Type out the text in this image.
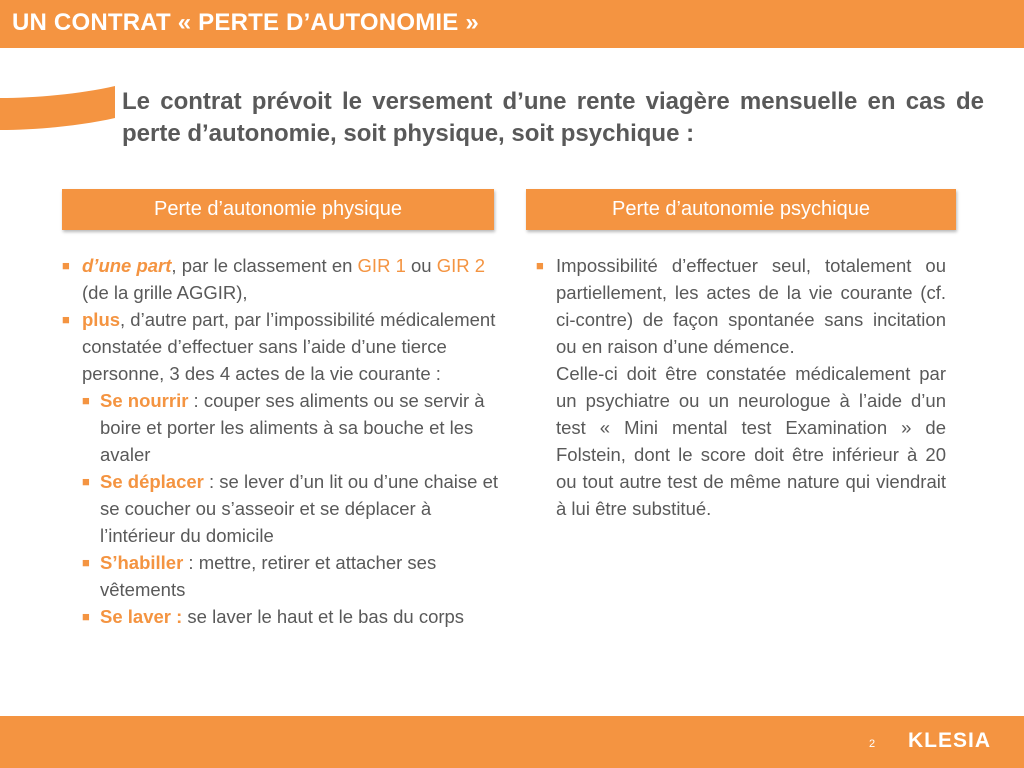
UN CONTRAT « PERTE D’AUTONOMIE »
Le contrat prévoit le versement d’une rente viagère mensuelle en cas de perte d’autonomie, soit physique, soit psychique :
Perte d’autonomie physique	Perte d’autonomie psychique
■ d’une part, par le classement en GIR 1 ou GIR 2 (de la grille AGGIR),
■ plus, d’autre part, par l’impossibilité médicalement constatée d’effectuer sans l’aide d’une tierce personne, 3 des 4 actes de la vie courante :
■ Se nourrir : couper ses aliments ou se servir à boire et porter les aliments à sa bouche et les avaler
■ Se déplacer : se lever d’un lit ou d’une chaise et se coucher ou s’asseoir et se déplacer à l’intérieur du domicile
■ S’habiller : mettre, retirer et attacher ses vêtements
■ Se laver : se laver le haut et le bas du corps
■ Impossibilité d’effectuer seul, totalement ou partiellement, les actes de la vie courante (cf. ci-contre) de façon spontanée sans incitation ou en raison d’une démence.
Celle-ci doit être constatée médicalement par un psychiatre ou un neurologue à l’aide d’un test « Mini mental test Examination » de Folstein, dont le score doit être inférieur à 20 ou tout autre test de même nature qui viendrait à lui être substitué.
2 KLESIA
